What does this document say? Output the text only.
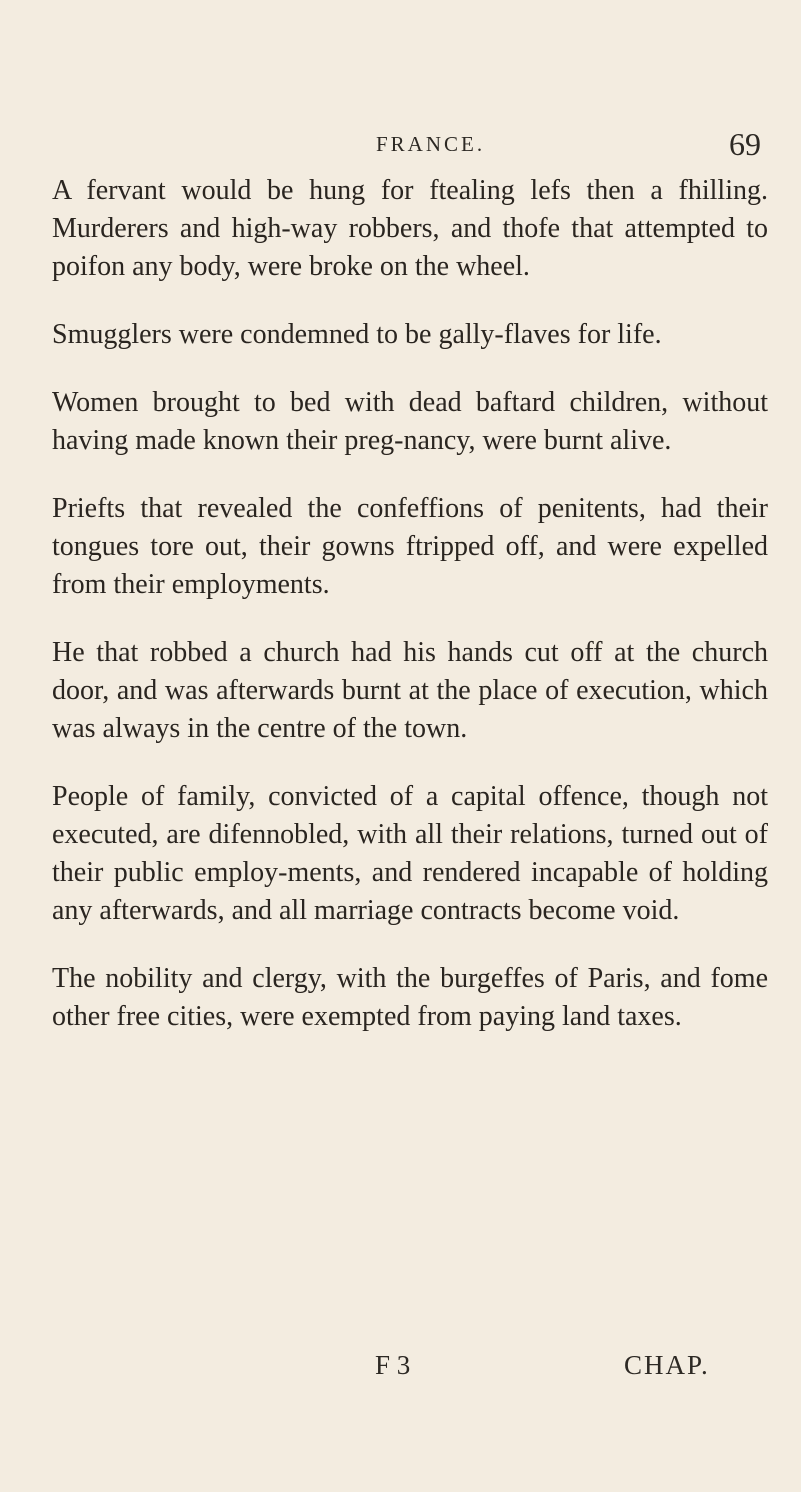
FRANCE.	69

A fervant would be hung for ftealing lefs then a fhilling. Murderers and high-way robbers, and thofe that attempted to poifon any body, were broke on the wheel.

Smugglers were condemned to be gally-flaves for life.

Women brought to bed with dead baftard children, without having made known their preg-nancy, were burnt alive.

Priefts that revealed the confeffions of penitents, had their tongues tore out, their gowns ftripped off, and were expelled from their employments.

He that robbed a church had his hands cut off at the church door, and was afterwards burnt at the place of execution, which was always in the centre of the town.

People of family, convicted of a capital offence, though not executed, are difennobled, with all their relations, turned out of their public employ-ments, and rendered incapable of holding any afterwards, and all marriage contracts become void.

The nobility and clergy, with the burgeffes of Paris, and fome other free cities, were exempted from paying land taxes.

F 3	CHAP.
